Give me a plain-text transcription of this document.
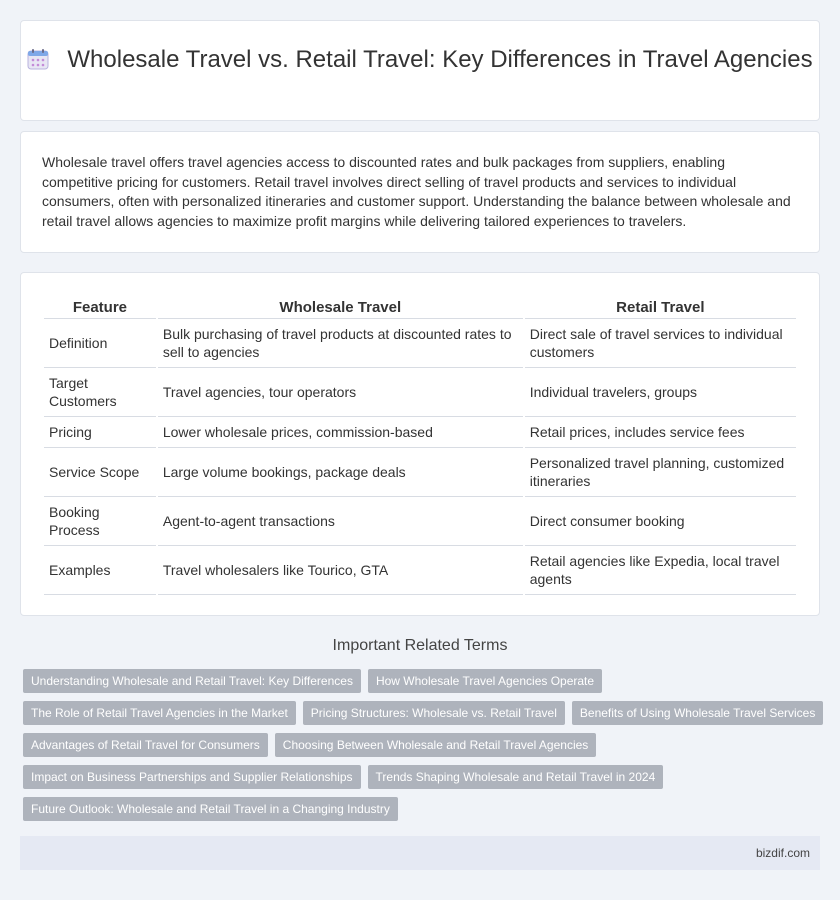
Wholesale Travel vs. Retail Travel: Key Differences in Travel Agencies

Wholesale travel offers travel agencies access to discounted rates and bulk packages from suppliers, enabling competitive pricing for customers. Retail travel involves direct selling of travel products and services to individual consumers, often with personalized itineraries and customer support. Understanding the balance between wholesale and retail travel allows agencies to maximize profit margins while delivering tailored experiences to travelers.

Feature	Wholesale Travel	Retail Travel
Definition	Bulk purchasing of travel products at discounted rates to sell to agencies	Direct sale of travel services to individual customers
Target Customers	Travel agencies, tour operators	Individual travelers, groups
Pricing	Lower wholesale prices, commission-based	Retail prices, includes service fees
Service Scope	Large volume bookings, package deals	Personalized travel planning, customized itineraries
Booking Process	Agent-to-agent transactions	Direct consumer booking
Examples	Travel wholesalers like Tourico, GTA	Retail agencies like Expedia, local travel agents
Important Related Terms
Understanding Wholesale and Retail Travel: Key Differences	How Wholesale Travel Agencies Operate
The Role of Retail Travel Agencies in the Market	Pricing Structures: Wholesale vs. Retail Travel	Benefits of Using Wholesale Travel Services
Advantages of Retail Travel for Consumers	Choosing Between Wholesale and Retail Travel Agencies
Impact on Business Partnerships and Supplier Relationships	Trends Shaping Wholesale and Retail Travel in 2024
Future Outlook: Wholesale and Retail Travel in a Changing Industry
bizdif.com
